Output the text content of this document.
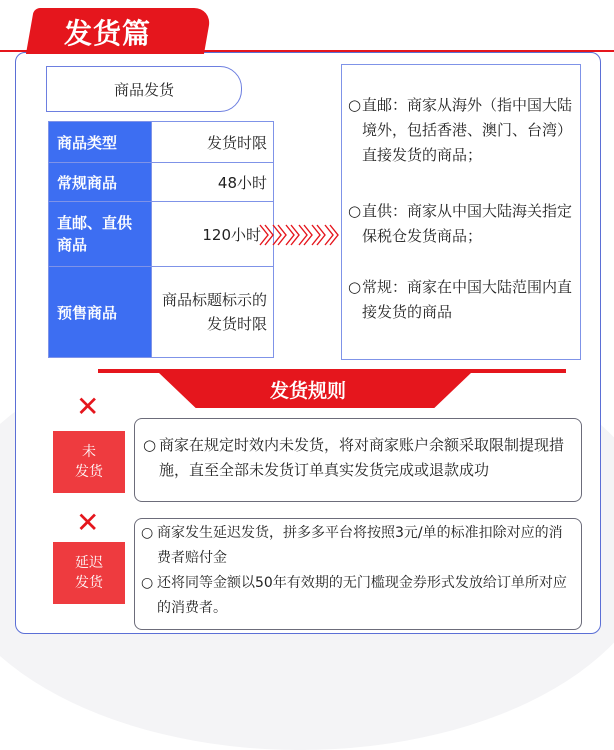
发货篇
商品发货
商品类型	发货时限
常规商品	48小时
直邮、直供商品	120小时
预售商品	商品标题标示的发货时限
○ 直邮：商家从海外（指中国大陆境外，包括香港、澳门、台湾）直接发货的商品；
○ 直供：商家从中国大陆海关指定保税仓发货商品；
○ 常规：商家在中国大陆范围内直接发货的商品
发货规则
✕
未
发货
○ 商家在规定时效内未发货，将对商家账户余额采取限制提现措施，直至全部未发货订单真实发货完成或退款成功
✕
延迟
发货
○ 商家发生延迟发货，拼多多平台将按照3元/单的标准扣除对应的消费者赔付金
○ 还将同等金额以50年有效期的无门槛现金券形式发放给订单所对应的消费者。
